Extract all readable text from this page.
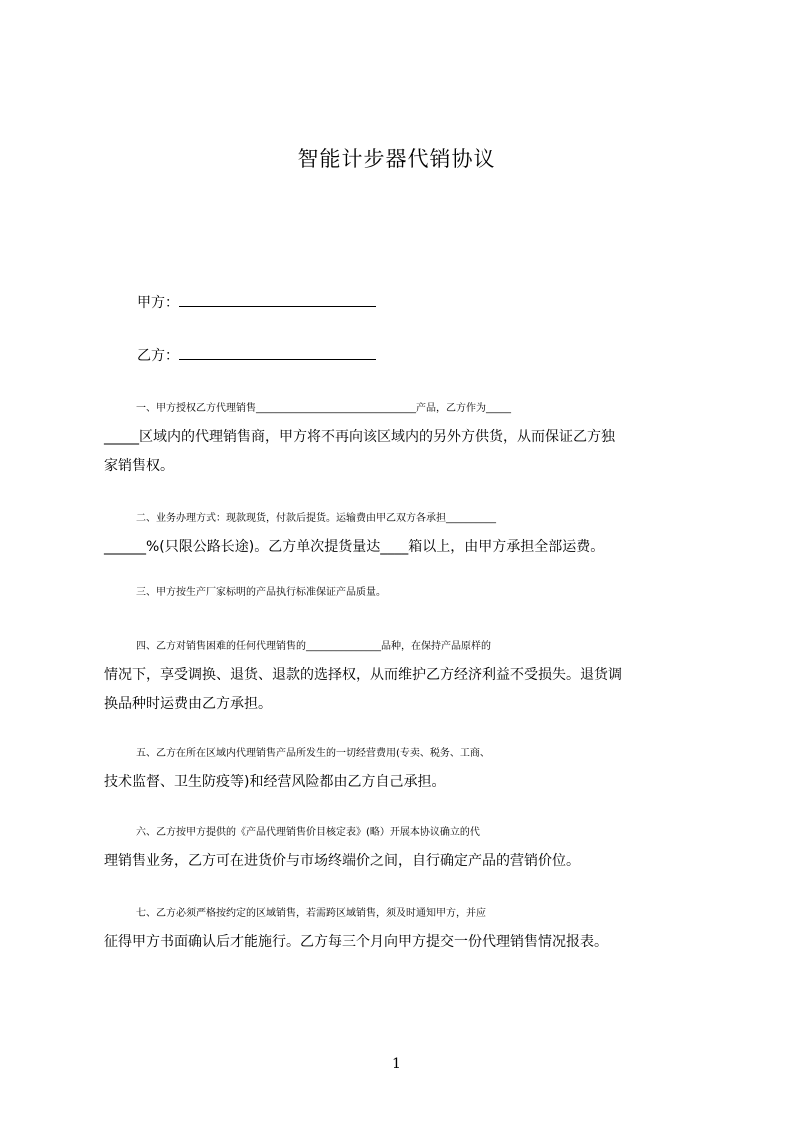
智能计步器代销协议
甲方：
乙方：

一、甲方授权乙方代理销售________________________________产品，乙方作为_____

_____区域内的代理销售商，甲方将不再向该区域内的另外方供货，从而保证乙方独

家销售权。

二、业务办理方式：现款现货，付款后提货。运输费由甲乙双方各承担__________

______%(只限公路长途)。乙方单次提货量达____箱以上，由甲方承担全部运费。

三、甲方按生产厂家标明的产品执行标准保证产品质量。

四、乙方对销售困难的任何代理销售的_______________品种，在保持产品原样的

情况下，享受调换、退货、退款的选择权，从而维护乙方经济利益不受损失。退货调

换品种时运费由乙方承担。

五、乙方在所在区域内代理销售产品所发生的一切经营费用(专卖、税务、工商、

技术监督、卫生防疫等)和经营风险都由乙方自己承担。

六、乙方按甲方提供的《产品代理销售价目核定表》(略）开展本协议确立的代

理销售业务，乙方可在进货价与市场终端价之间，自行确定产品的营销价位。

七、乙方必须严格按约定的区域销售，若需跨区域销售，须及时通知甲方，并应

征得甲方书面确认后才能施行。乙方每三个月向甲方提交一份代理销售情况报表。

1
